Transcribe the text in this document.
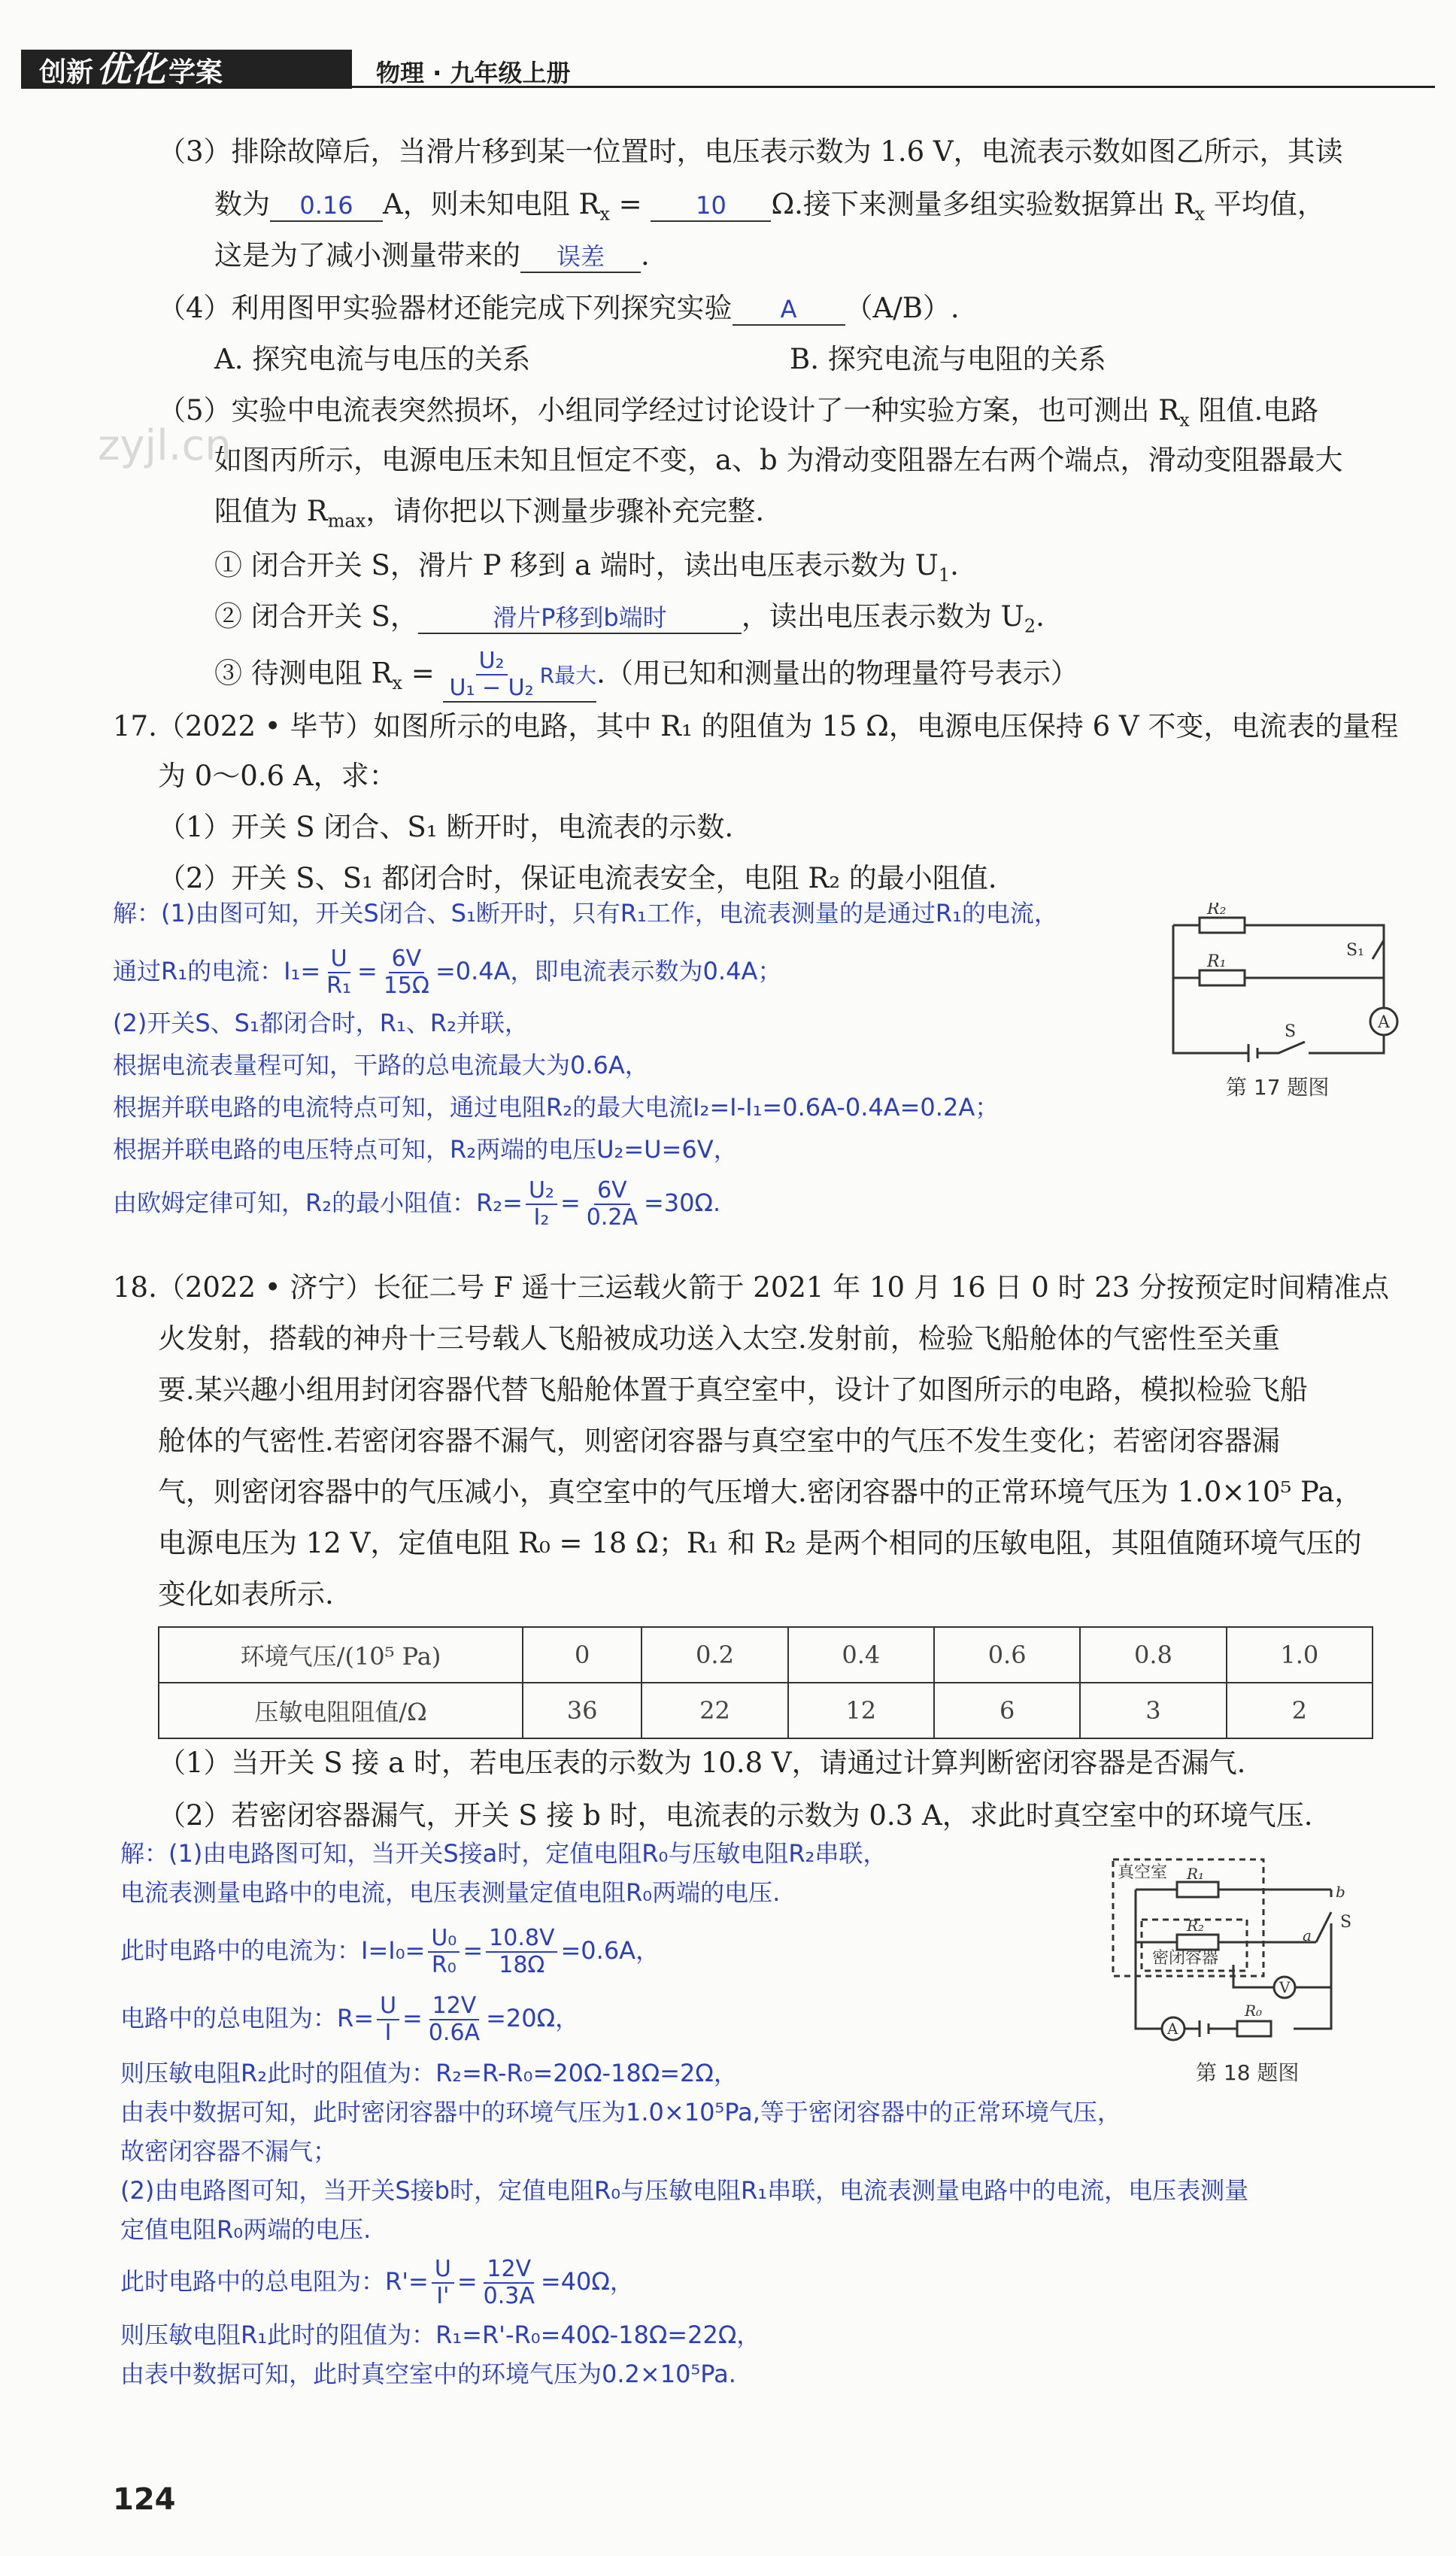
创新优化 学案	物理 · 九年级上册
（3）排除故障后，当滑片移到某一位置时，电压表示数为 1.6 V，电流表示数如图乙所示，其读
数为 0.16 A，则未知电阻 $R_x = 10$ Ω.接下来测量多组实验数据算出 $R_x$ 平均值，
这是为了减小测量带来的 误差 .
（4）利用图甲实验器材还能完成下列探究实验 A （A/B）.
A. 探究电流与电压的关系	B. 探究电流与电阻的关系
（5）实验中电流表突然损坏，小组同学经过讨论设计了一种实验方案，也可测出 $R_x$ 阻值.电路
如图丙所示，电源电压未知且恒定不变，a、b 为滑动变阻器左右两个端点，滑动变阻器最大
zyjl.cn
阻值为 $R_{max}$，请你把以下测量步骤补充完整.
① 闭合开关 S，滑片 P 移到 a 端时，读出电压表示数为 $U_1$.
② 闭合开关 S，	滑片P移到b端时	，读出电压表示数为 $U_2$.
③ 待测电阻 $R_x = \frac{\text{U₂}}{\text{U₁ − U₂}}$ R最大.（用已知和测量出的物理量符号表示）
17.（2022 • 毕节）如图所示的电路，其中 R₁ 的阻值为 15 Ω，电源电压保持 6 V 不变，电流表的量程
为 0～0.6 A，求：
（1）开关 S 闭合、S₁ 断开时，电流表的示数.
（2）开关 S、S₁ 都闭合时，保证电流表安全，电阻 R₂ 的最小阻值.
解：(1)由图可知，开关S闭合、S₁断开时，只有R₁工作，电流表测量的是通过R₁的电流，
通过R₁的电流：$I_1= \frac{U}{\text{R₁}} = \frac{6V}{15\Omega} =0.4A$，即电流表示数为0.4A；
(2)开关S、S₁都闭合时，R₁、R₂并联，
根据电流表量程可知，干路的总电流最大为0.6A，
根据并联电路的电流特点可知，通过电阻R₂的最大电流I₂=I-I₁=0.6A-0.4A=0.2A；
根据并联电路的电压特点可知，R₂两端的电压U₂=U=6V，
由欧姆定律可知，R₂的最小阻值：$R_2= \frac{\text{U₂}}{\text{I₂}} = \frac{6V}{0.2A} =30\Omega$.
R₂
R₁
S₁
S	A
第 17 题图
18.（2022 • 济宁）长征二号 F 遥十三运载火箭于 2021 年 10 月 16 日 0 时 23 分按预定时间精准点
火发射，搭载的神舟十三号载人飞船被成功送入太空.发射前，检验飞船舱体的气密性至关重
要.某兴趣小组用封闭容器代替飞船舱体置于真空室中，设计了如图所示的电路，模拟检验飞船
舱体的气密性.若密闭容器不漏气，则密闭容器与真空室中的气压不发生变化；若密闭容器漏
气，则密闭容器中的气压减小，真空室中的气压增大.密闭容器中的正常环境气压为 1.0×10⁵ Pa，
电源电压为 12 V，定值电阻 R₀ = 18 Ω；R₁ 和 R₂ 是两个相同的压敏电阻，其阻值随环境气压的
变化如表所示.
环境气压/(10⁵ Pa)	0	0.2	0.4	0.6	0.8	1.0
压敏电阻阻值/Ω	36	22	12	6	3	2
（1）当开关 S 接 a 时，若电压表的示数为 10.8 V，请通过计算判断密闭容器是否漏气.
（2）若密闭容器漏气，开关 S 接 b 时，电流表的示数为 0.3 A，求此时真空室中的环境气压.
解：(1)由电路图可知，当开关S接a时，定值电阻R₀与压敏电阻R₂串联，
电流表测量电路中的电流，电压表测量定值电阻R₀两端的电压.
此时电路中的电流为：$I=I_0= \frac{\text{U₀}}{\text{R₀}} = \frac{10.8V}{18\Omega} =0.6A$，
电路中的总电阻为：$R= \frac{U}{I} = \frac{12V}{0.6A} =20\Omega$，
则压敏电阻R₂此时的阻值为：R₂=R-R₀=20Ω-18Ω=2Ω，
由表中数据可知，此时密闭容器中的环境气压为1.0×10⁵Pa,等于密闭容器中的正常环境气压，
故密闭容器不漏气；
(2)由电路图可知，当开关S接b时，定值电阻R₀与压敏电阻R₁串联，电流表测量电路中的电流，电压表测量
定值电阻R₀两端的电压.
此时电路中的总电阻为：$R'= \frac{U}{I'} = \frac{12V}{0.3A} =40\Omega$，
则压敏电阻R₁此时的阻值为：R₁=R'-R₀=40Ω-18Ω=22Ω，
由表中数据可知，此时真空室中的环境气压为0.2×10⁵Pa.
真空室
密闭容器
R₁
R₂
R₀
V
A
a
b
S
第 18 题图
124
